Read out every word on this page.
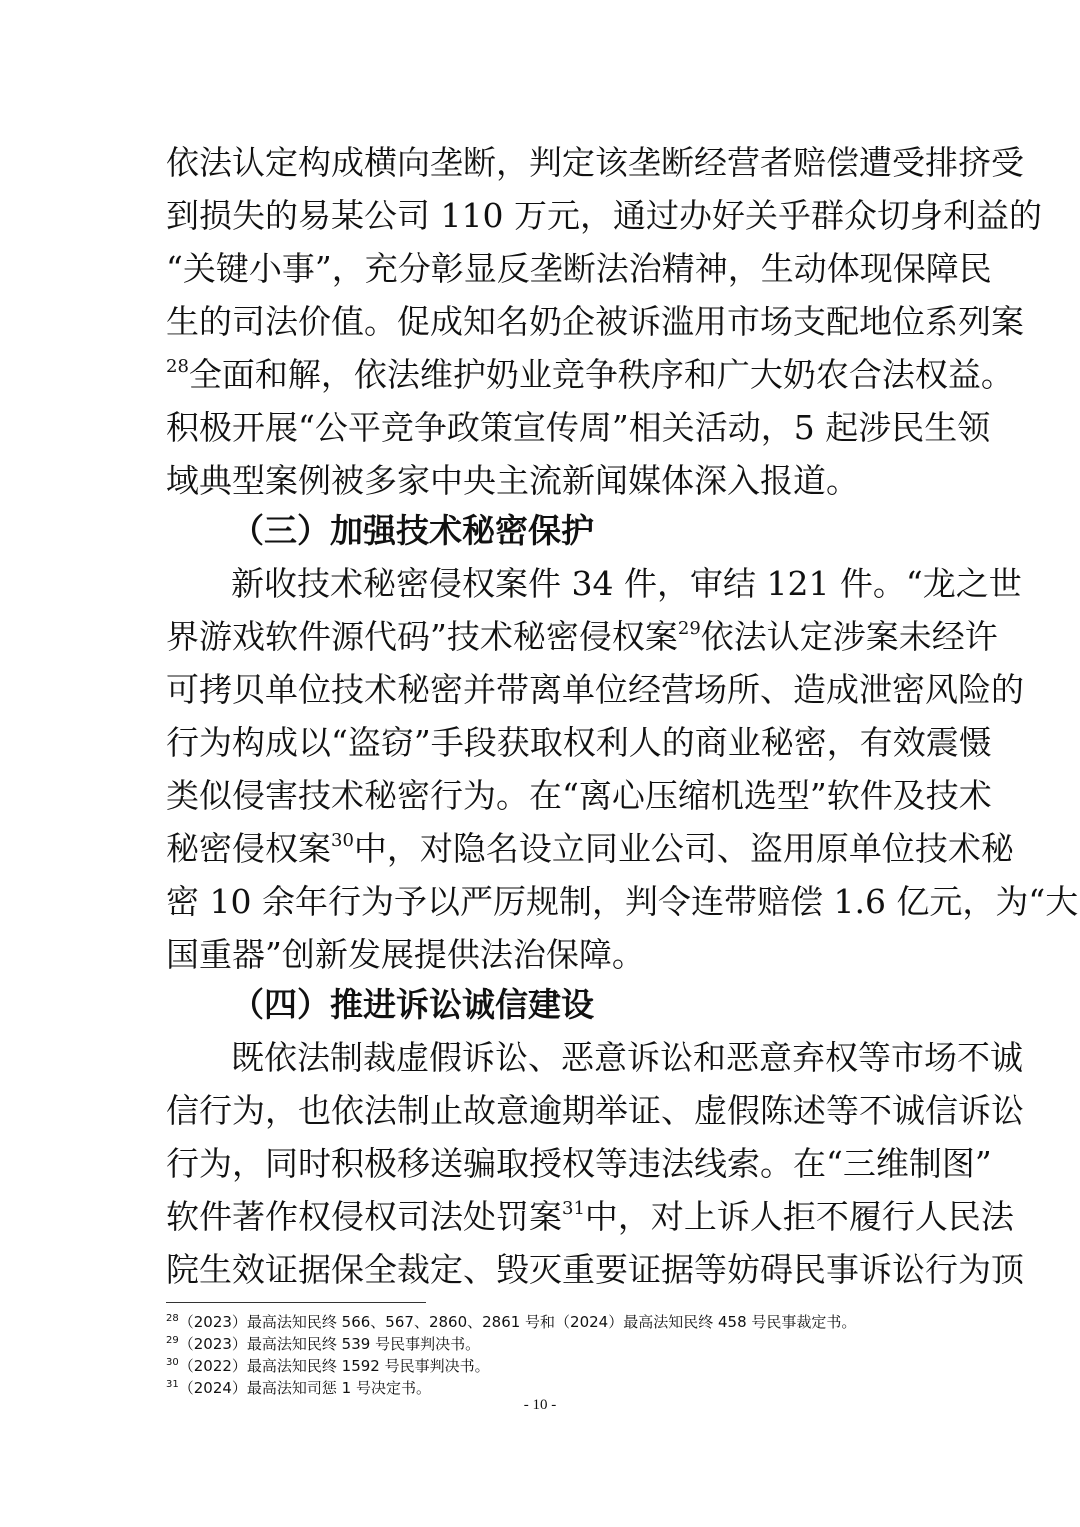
依法认定构成横向垄断，判定该垄断经营者赔偿遭受排挤受
到损失的易某公司 110 万元，通过办好关乎群众切身利益的
“关键小事”，充分彰显反垄断法治精神，生动体现保障民
生的司法价值。促成知名奶企被诉滥用市场支配地位系列案
$^{28}$全面和解，依法维护奶业竞争秩序和广大奶农合法权益。
积极开展“公平竞争政策宣传周”相关活动，5 起涉民生领
域典型案例被多家中央主流新闻媒体深入报道。
（三）加强技术秘密保护
新收技术秘密侵权案件 34 件，审结 121 件。“龙之世
界游戏软件源代码”技术秘密侵权案$^{29}$依法认定涉案未经许
可拷贝单位技术秘密并带离单位经营场所、造成泄密风险的
行为构成以“盗窃”手段获取权利人的商业秘密，有效震慑
类似侵害技术秘密行为。在“离心压缩机选型”软件及技术
秘密侵权案$^{30}$中，对隐名设立同业公司、盗用原单位技术秘
密 10 余年行为予以严厉规制，判令连带赔偿 1.6 亿元，为“大
国重器”创新发展提供法治保障。
（四）推进诉讼诚信建设
既依法制裁虚假诉讼、恶意诉讼和恶意弃权等市场不诚
信行为，也依法制止故意逾期举证、虚假陈述等不诚信诉讼
行为，同时积极移送骗取授权等违法线索。在“三维制图”
软件著作权侵权司法处罚案$^{31}$中，对上诉人拒不履行人民法
院生效证据保全裁定、毁灭重要证据等妨碍民事诉讼行为顶
$^{28}$（2023）最高法知民终 566、567、2860、2861 号和（2024）最高法知民终 458 号民事裁定书。
$^{29}$（2023）最高法知民终 539 号民事判决书。
$^{30}$（2022）最高法知民终 1592 号民事判决书。
$^{31}$（2024）最高法知司惩 1 号决定书。
- 10 -
